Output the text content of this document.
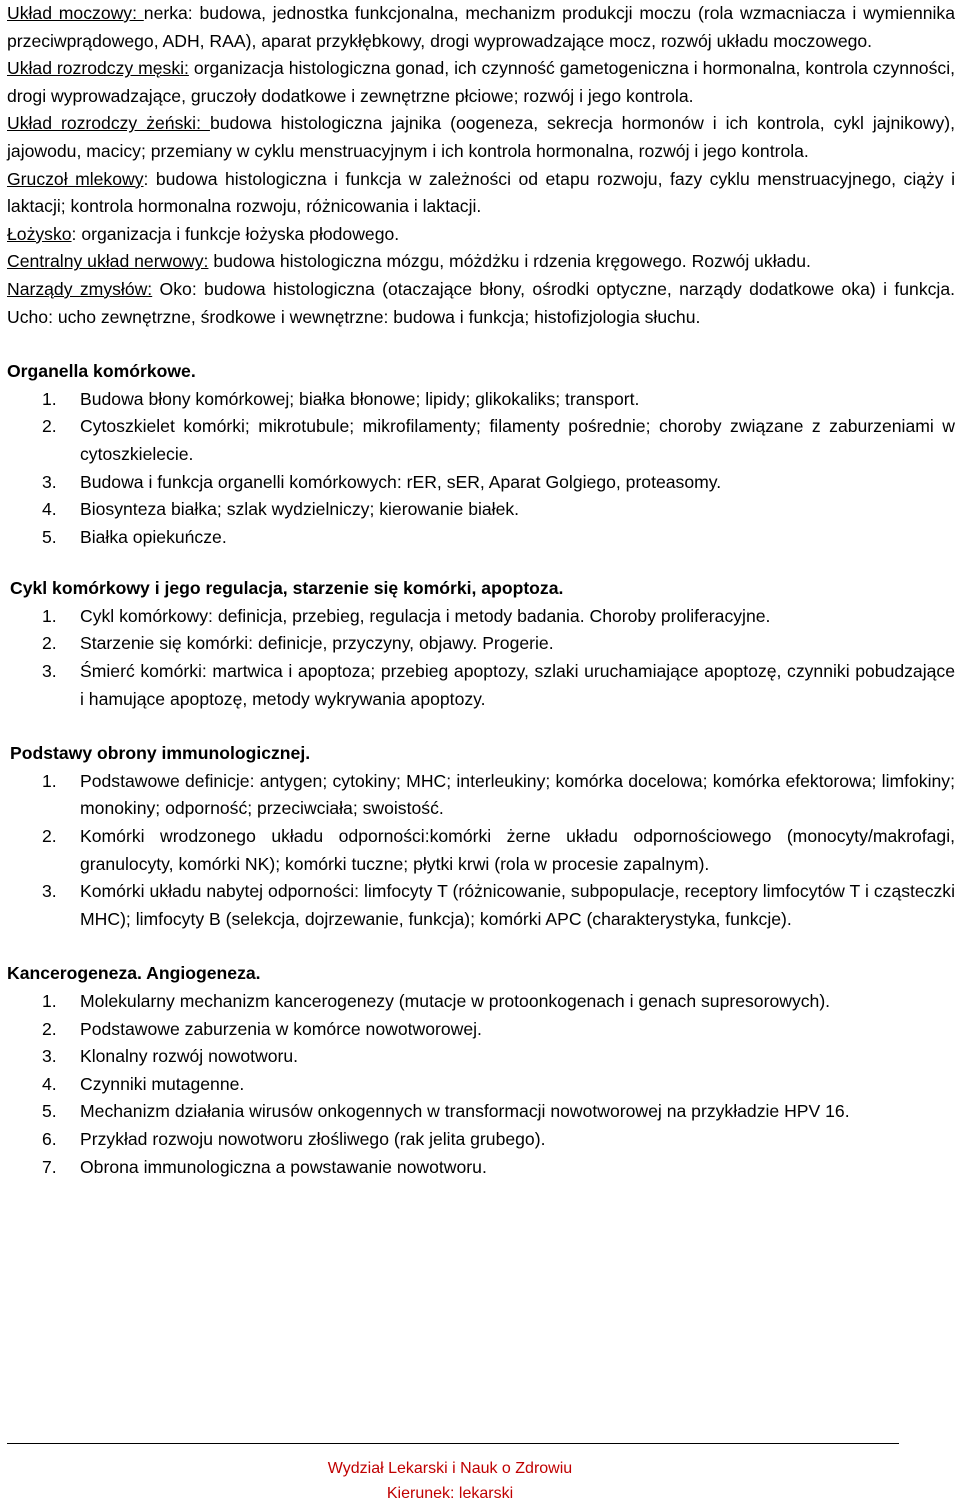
Układ moczowy: nerka: budowa, jednostka funkcjonalna, mechanizm produkcji moczu (rola wzmacniacza i wymiennika przeciwprądowego, ADH, RAA), aparat przykłębkowy, drogi wyprowadzające mocz, rozwój układu moczowego.

Układ rozrodczy męski: organizacja histologiczna gonad, ich czynność gametogeniczna i hormonalna, kontrola czynności, drogi wyprowadzające, gruczoły dodatkowe i zewnętrzne płciowe; rozwój i jego kontrola.

Układ rozrodczy żeński: budowa histologiczna jajnika (oogeneza, sekrecja hormonów i ich kontrola, cykl jajnikowy), jajowodu, macicy; przemiany w cyklu menstruacyjnym i ich kontrola hormonalna, rozwój i jego kontrola.

Gruczoł mlekowy: budowa histologiczna i funkcja w zależności od etapu rozwoju, fazy cyklu menstruacyjnego, ciąży i laktacji; kontrola hormonalna rozwoju, różnicowania i laktacji.

Łożysko: organizacja i funkcje łożyska płodowego.

Centralny układ nerwowy: budowa histologiczna mózgu, móżdżku i rdzenia kręgowego. Rozwój układu.

Narządy zmysłów: Oko: budowa histologiczna (otaczające błony, ośrodki optyczne, narządy dodatkowe oka) i funkcja. Ucho: ucho zewnętrzne, środkowe i wewnętrzne: budowa i funkcja; histofizjologia słuchu.

Organella komórkowe.

1. Budowa błony komórkowej; białka błonowe; lipidy; glikokaliks; transport.
2. Cytoszkielet komórki; mikrotubule; mikrofilamenty; filamenty pośrednie; choroby związane z zaburzeniami w cytoszkielecie.
3. Budowa i funkcja organelli komórkowych: rER, sER, Aparat Golgiego, proteasomy.
4. Biosynteza białka; szlak wydzielniczy; kierowanie białek.
5. Białka opiekuńcze.

Cykl komórkowy i jego regulacja, starzenie się komórki, apoptoza.

1. Cykl komórkowy: definicja, przebieg, regulacja i metody badania. Choroby proliferacyjne.
2. Starzenie się komórki: definicje, przyczyny, objawy. Progerie.
3. Śmierć komórki: martwica i apoptoza; przebieg apoptozy, szlaki uruchamiające apoptozę, czynniki pobudzające i hamujące apoptozę, metody wykrywania apoptozy.

Podstawy obrony immunologicznej.

1. Podstawowe definicje: antygen; cytokiny; MHC; interleukiny; komórka docelowa; komórka efektorowa; limfokiny; monokiny; odporność; przeciwciała; swoistość.
2. Komórki wrodzonego układu odporności:komórki żerne układu odpornościowego (monocyty/makrofagi, granulocyty, komórki NK); komórki tuczne; płytki krwi (rola w procesie zapalnym).
3. Komórki układu nabytej odporności: limfocyty T (różnicowanie, subpopulacje, receptory limfocytów T i cząsteczki MHC); limfocyty B (selekcja, dojrzewanie, funkcja); komórki APC (charakterystyka, funkcje).

Kancerogeneza. Angiogeneza.

1. Molekularny mechanizm kancerogenezy (mutacje w protoonkogenach i genach supresorowych).
2. Podstawowe zaburzenia w komórce nowotworowej.
3. Klonalny rozwój nowotworu.
4. Czynniki mutagenne.
5. Mechanizm działania wirusów onkogennych w transformacji nowotworowej na przykładzie HPV 16.
6. Przykład rozwoju nowotworu złośliwego (rak jelita grubego).
7. Obrona immunologiczna a powstawanie nowotworu.
Wydział Lekarski i Nauk o Zdrowiu
Kierunek: lekarski
